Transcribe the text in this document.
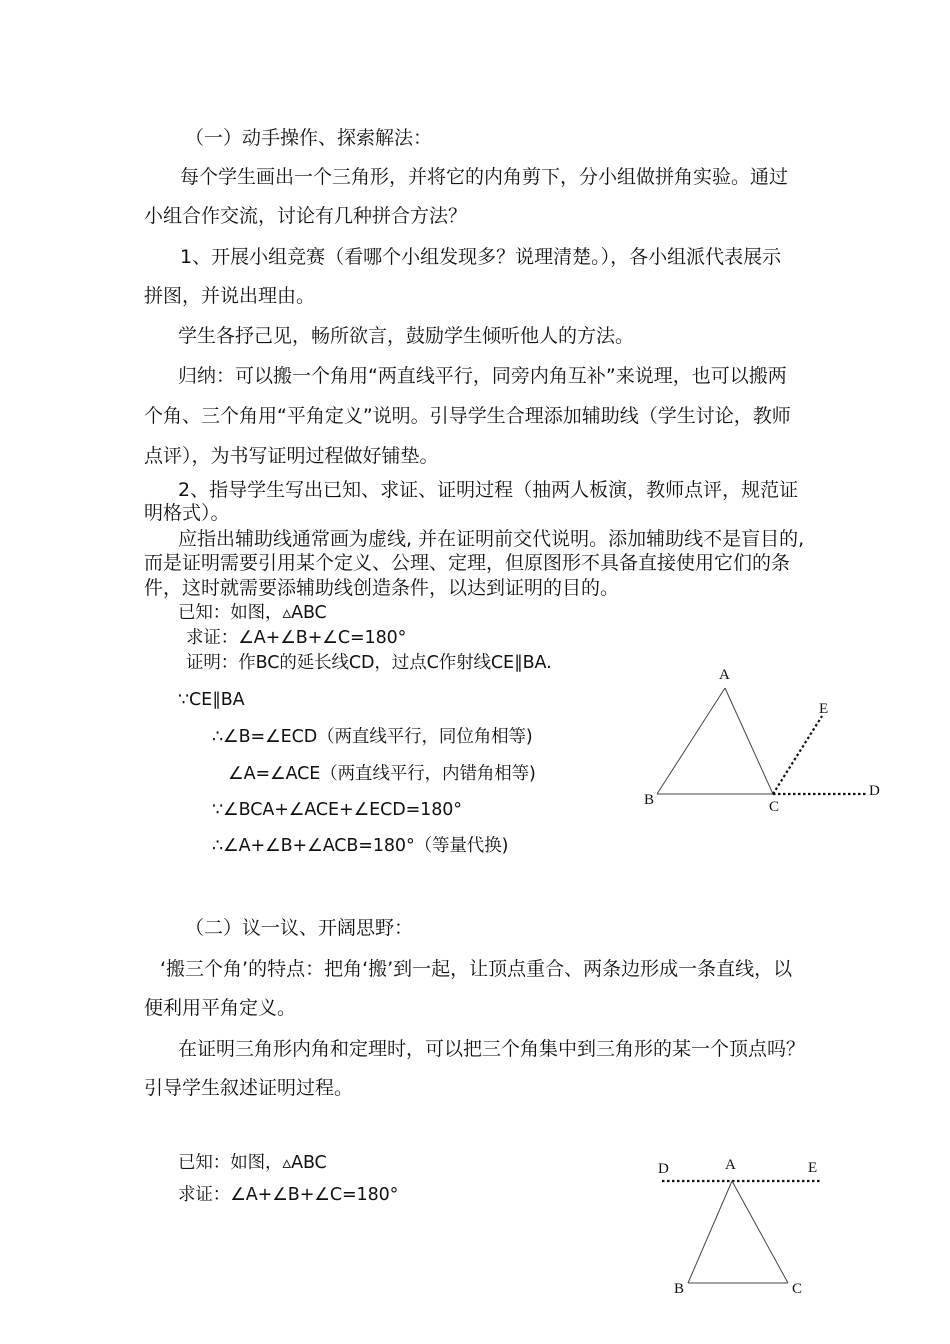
（一）动手操作、探索解法：
每个学生画出一个三角形，并将它的内角剪下，分小组做拼角实验。通过
小组合作交流，讨论有几种拼合方法？
1、开展小组竞赛（看哪个小组发现多？说理清楚。），各小组派代表展示
拼图，并说出理由。
学生各抒己见，畅所欲言，鼓励学生倾听他人的方法。
归纳：可以搬一个角用“两直线平行，同旁内角互补”来说理，也可以搬两
个角、三个角用“平角定义”说明。引导学生合理添加辅助线（学生讨论，教师
点评），为书写证明过程做好铺垫。
2、指导学生写出已知、求证、证明过程（抽两人板演，教师点评，规范证
明格式）。
应指出辅助线通常画为虚线, 并在证明前交代说明。添加辅助线不是盲目的,
而是证明需要引用某个定义、公理、定理，但原图形不具备直接使用它们的条
件，这时就需要添辅助线创造条件，以达到证明的目的。
已知：如图，▵ABC
求证：∠A+∠B+∠C=180°
证明：作BC的延长线CD，过点C作射线CE∥BA.
∵CE∥BA
∴∠B=∠ECD（两直线平行，同位角相等)
∠A=∠ACE（两直线平行，内错角相等)
∵∠BCA+∠ACE+∠ECD=180°
∴∠A+∠B+∠ACB=180°（等量代换)
A
E
B	C
D
（二）议一议、开阔思野：
‘搬三个角’的特点：把角‘搬’到一起，让顶点重合、两条边形成一条直线，以
便利用平角定义。
在证明三角形内角和定理时，可以把三个角集中到三角形的某一个顶点吗？
引导学生叙述证明过程。
已知：如图，▵ABC
求证：∠A+∠B+∠C=180°
D	A	E
B	C
